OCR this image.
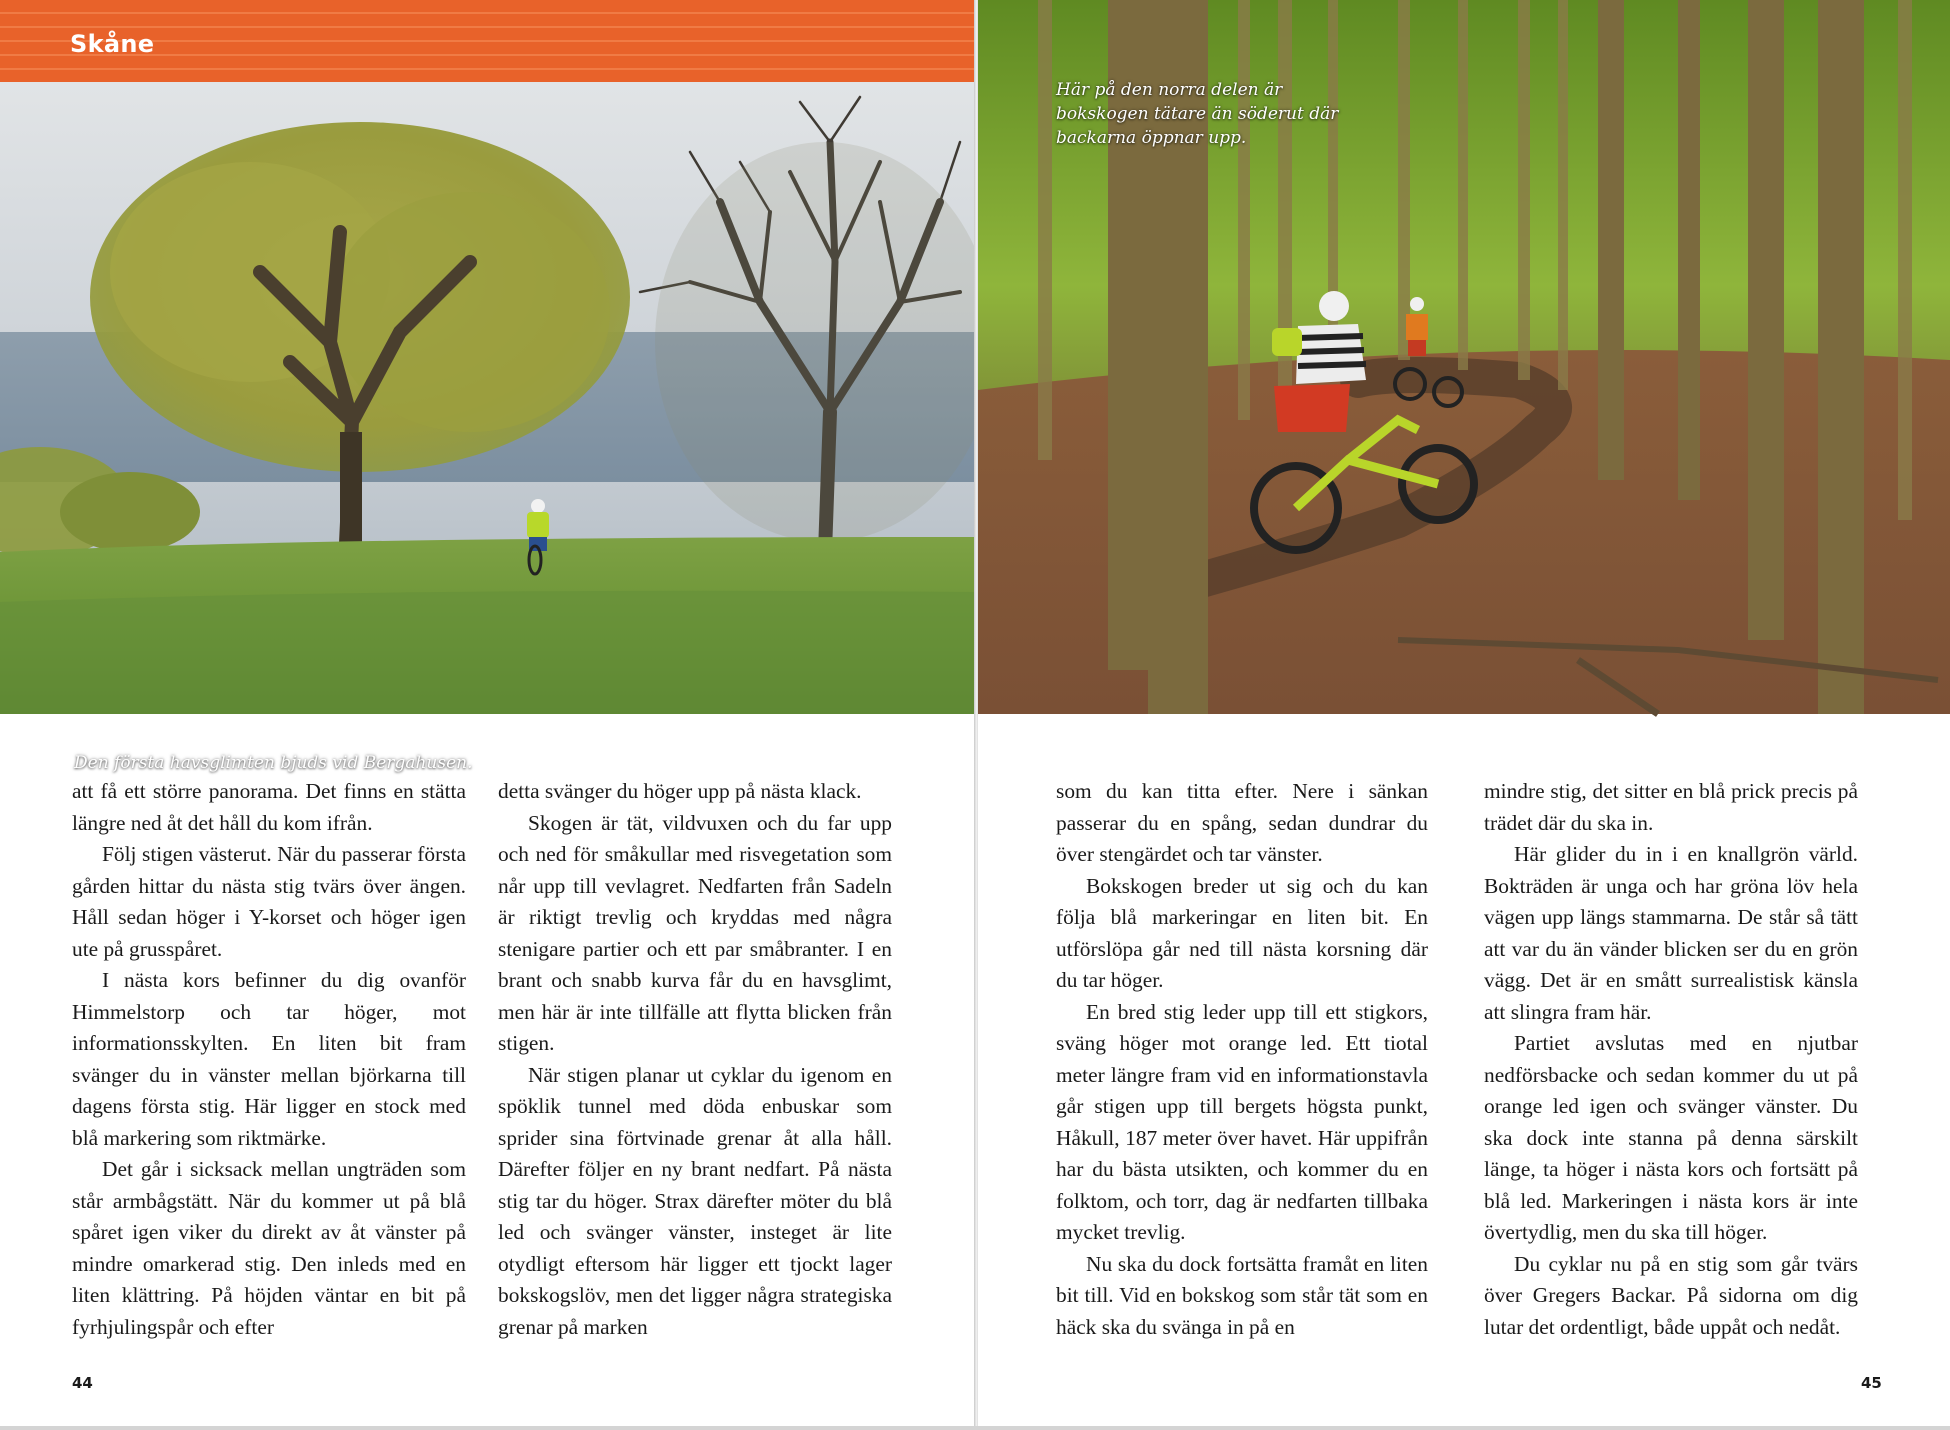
Skåne
Den första havsglimten bjuds vid Bergahusen.

att få ett större panorama. Det finns en stätta längre ned åt det håll du kom ifrån.

Följ stigen västerut. När du passerar första gården hittar du nästa stig tvärs över ängen. Håll sedan höger i Y-korset och höger igen ute på grusspåret.

I nästa kors befinner du dig ovanför Himmelstorp och tar höger, mot informationsskylten. En liten bit fram svänger du in vänster mellan björkarna till dagens första stig. Här ligger en stock med blå markering som riktmärke.

Det går i sicksack mellan ungträden som står armbågstätt. När du kommer ut på blå spåret igen viker du direkt av åt vänster på mindre omarkerad stig. Den inleds med en liten klättring. På höjden väntar en bit på fyrhjulingspår och efter

detta svänger du höger upp på nästa klack.

Skogen är tät, vildvuxen och du far upp och ned för småkullar med risvegetation som når upp till vevlagret. Nedfarten från Sadeln är riktigt trevlig och kryddas med några stenigare partier och ett par småbranter. I en brant och snabb kurva får du en havsglimt, men här är inte tillfälle att flytta blicken från stigen.

När stigen planar ut cyklar du igenom en spöklik tunnel med döda enbuskar som sprider sina förtvinade grenar åt alla håll. Därefter följer en ny brant nedfart. På nästa stig tar du höger. Strax därefter möter du blå led och svänger vänster, insteget är lite otydligt eftersom här ligger ett tjockt lager bokskogslöv, men det ligger några strategiska grenar på marken

44
Här på den norra delen är bokskogen tätare än söderut där backarna öppnar upp.

som du kan titta efter. Nere i sänkan passerar du en spång, sedan dundrar du över stengärdet och tar vänster.

Bokskogen breder ut sig och du kan följa blå markeringar en liten bit. En utförslöpa går ned till nästa korsning där du tar höger.

En bred stig leder upp till ett stigkors, sväng höger mot orange led. Ett tiotal meter längre fram vid en informationstavla går stigen upp till bergets högsta punkt, Håkull, 187 meter över havet. Här uppifrån har du bästa utsikten, och kommer du en folktom, och torr, dag är nedfarten tillbaka mycket trevlig.

Nu ska du dock fortsätta framåt en liten bit till. Vid en bokskog som står tät som en häck ska du svänga in på en

mindre stig, det sitter en blå prick precis på trädet där du ska in.

Här glider du in i en knallgrön värld. Bokträden är unga och har gröna löv hela vägen upp längs stammarna. De står så tätt att var du än vänder blicken ser du en grön vägg. Det är en smått surrealistisk känsla att slingra fram här.

Partiet avslutas med en njutbar nedförsbacke och sedan kommer du ut på orange led igen och svänger vänster. Du ska dock inte stanna på denna särskilt länge, ta höger i nästa kors och fortsätt på blå led. Markeringen i nästa kors är inte övertydlig, men du ska till höger.

Du cyklar nu på en stig som går tvärs över Gregers Backar. På sidorna om dig lutar det ordentligt, både uppåt och nedåt.

45
